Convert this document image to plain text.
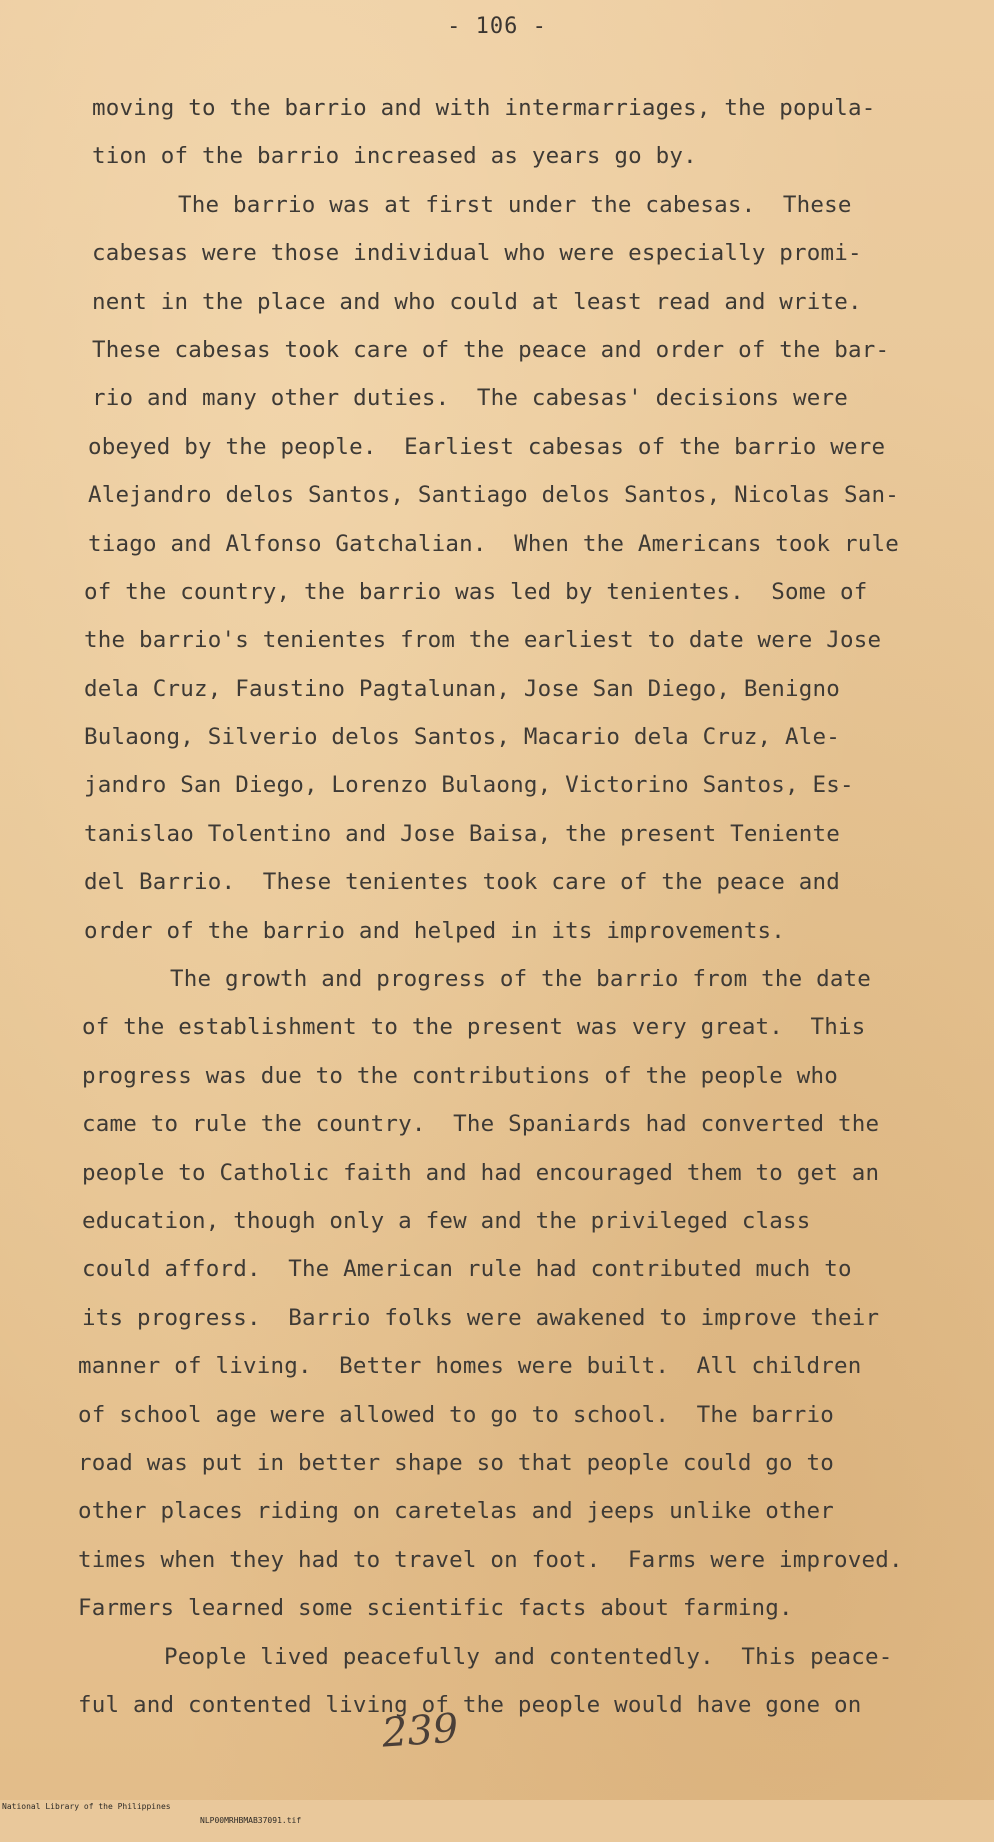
- 106 -
moving to the barrio and with intermarriages, the popula-
tion of the barrio increased as years go by.
The barrio was at first under the cabesas.  These
cabesas were those individual who were especially promi-
nent in the place and who could at least read and write.
These cabesas took care of the peace and order of the bar-
rio and many other duties.  The cabesas' decisions were
obeyed by the people.  Earliest cabesas of the barrio were
Alejandro delos Santos, Santiago delos Santos, Nicolas San-
tiago and Alfonso Gatchalian.  When the Americans took rule
of the country, the barrio was led by tenientes.  Some of
the barrio's tenientes from the earliest to date were Jose
dela Cruz, Faustino Pagtalunan, Jose San Diego, Benigno
Bulaong, Silverio delos Santos, Macario dela Cruz, Ale-
jandro San Diego, Lorenzo Bulaong, Victorino Santos, Es-
tanislao Tolentino and Jose Baisa, the present Teniente
del Barrio.  These tenientes took care of the peace and
order of the barrio and helped in its improvements.
The growth and progress of the barrio from the date
of the establishment to the present was very great.  This
progress was due to the contributions of the people who
came to rule the country.  The Spaniards had converted the
people to Catholic faith and had encouraged them to get an
education, though only a few and the privileged class
could afford.  The American rule had contributed much to
its progress.  Barrio folks were awakened to improve their
manner of living.  Better homes were built.  All children
of school age were allowed to go to school.  The barrio
road was put in better shape so that people could go to
other places riding on caretelas and jeeps unlike other
times when they had to travel on foot.  Farms were improved.
Farmers learned some scientific facts about farming.
People lived peacefully and contentedly.  This peace-
ful and contented living of the people would have gone on
239

National Library of the Philippines

NLP00MRHBMAB37091.tif
